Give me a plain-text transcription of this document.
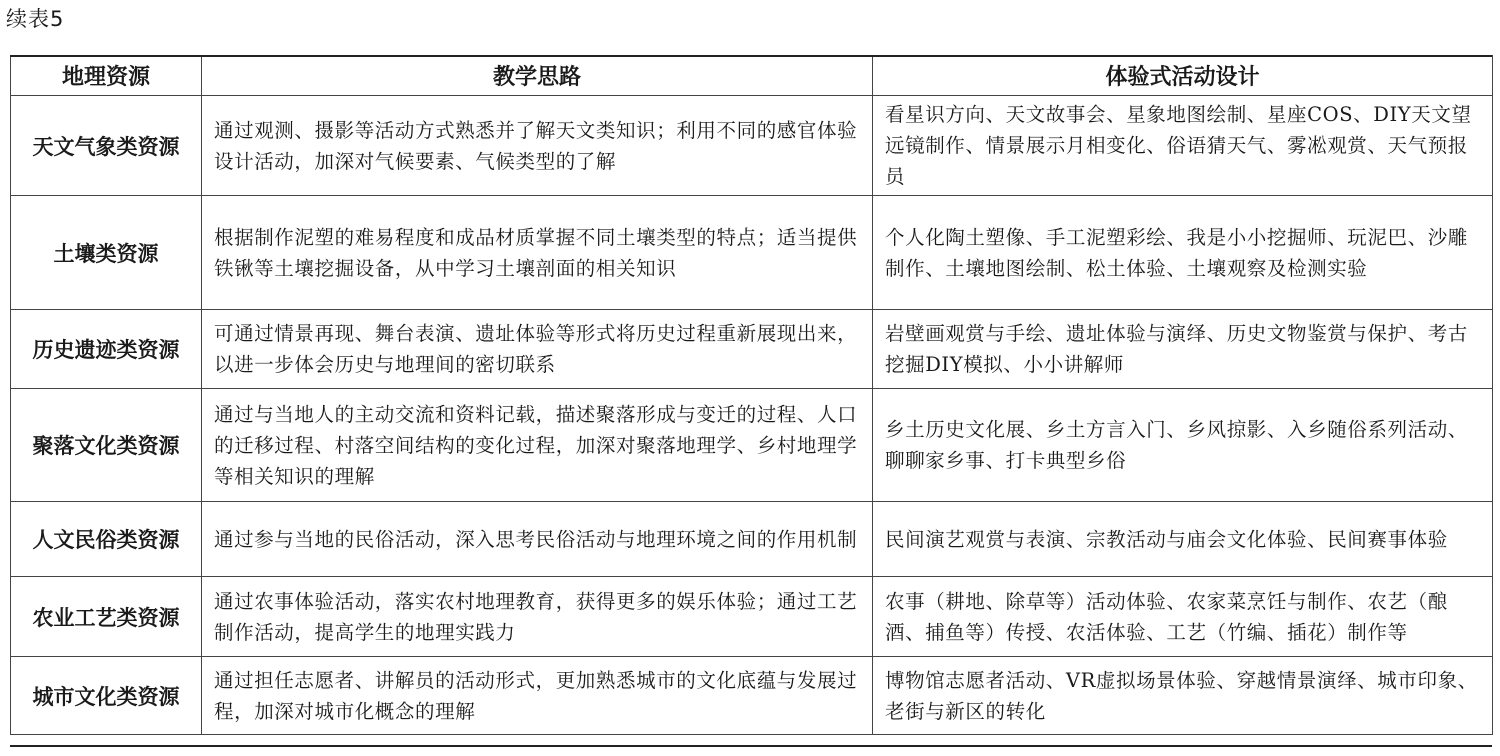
续表5
地理资源	教学思路	体验式活动设计
天文气象类资源	通过观测、摄影等活动方式熟悉并了解天文类知识；利用不同的感官体验设计活动，加深对气候要素、气候类型的了解	看星识方向、天文故事会、星象地图绘制、星座COS、DIY天文望远镜制作、情景展示月相变化、俗语猜天气、雾凇观赏、天气预报员
土壤类资源	根据制作泥塑的难易程度和成品材质掌握不同土壤类型的特点；适当提供铁锹等土壤挖掘设备，从中学习土壤剖面的相关知识	个人化陶土塑像、手工泥塑彩绘、我是小小挖掘师、玩泥巴、沙雕制作、土壤地图绘制、松土体验、土壤观察及检测实验
历史遗迹类资源	可通过情景再现、舞台表演、遗址体验等形式将历史过程重新展现出来，以进一步体会历史与地理间的密切联系	岩壁画观赏与手绘、遗址体验与演绎、历史文物鉴赏与保护、考古挖掘DIY模拟、小小讲解师
聚落文化类资源	通过与当地人的主动交流和资料记载，描述聚落形成与变迁的过程、人口的迁移过程、村落空间结构的变化过程，加深对聚落地理学、乡村地理学等相关知识的理解	乡土历史文化展、乡土方言入门、乡风掠影、入乡随俗系列活动、聊聊家乡事、打卡典型乡俗
人文民俗类资源	通过参与当地的民俗活动，深入思考民俗活动与地理环境之间的作用机制	民间演艺观赏与表演、宗教活动与庙会文化体验、民间赛事体验
农业工艺类资源	通过农事体验活动，落实农村地理教育，获得更多的娱乐体验；通过工艺制作活动，提高学生的地理实践力	农事（耕地、除草等）活动体验、农家菜烹饪与制作、农艺（酿酒、捕鱼等）传授、农活体验、工艺（竹编、插花）制作等
城市文化类资源	通过担任志愿者、讲解员的活动形式，更加熟悉城市的文化底蕴与发展过程，加深对城市化概念的理解	博物馆志愿者活动、VR虚拟场景体验、穿越情景演绎、城市印象、老街与新区的转化
